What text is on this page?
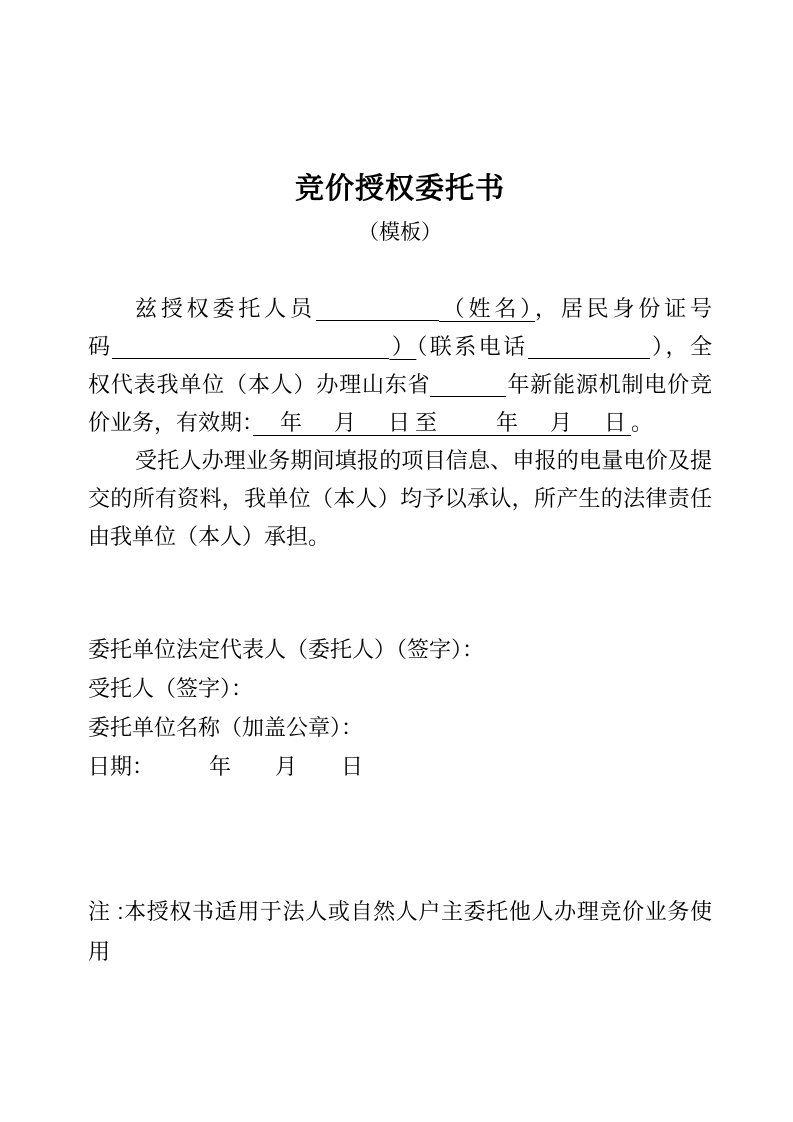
竞价授权委托书
（模板）
兹授权委托人员	（姓名），居民身份证号
码	）（联系电话	），全
权代表我单位（本人）办理山东省	年新能源机制电价竞
价业务，有效期：　年　月　日至　　年　月　日。

受托人办理业务期间填报的项目信息、申报的电量电价及提交的所有资料，我单位（本人）均予以承认，所产生的法律责任由我单位（本人）承担。

委托单位法定代表人（委托人）（签字）：
受托人（签字）：
委托单位名称（加盖公章）：
日期：　　　年　　月　　日

注 :本授权书适用于法人或自然人户主委托他人办理竞价业务使用
